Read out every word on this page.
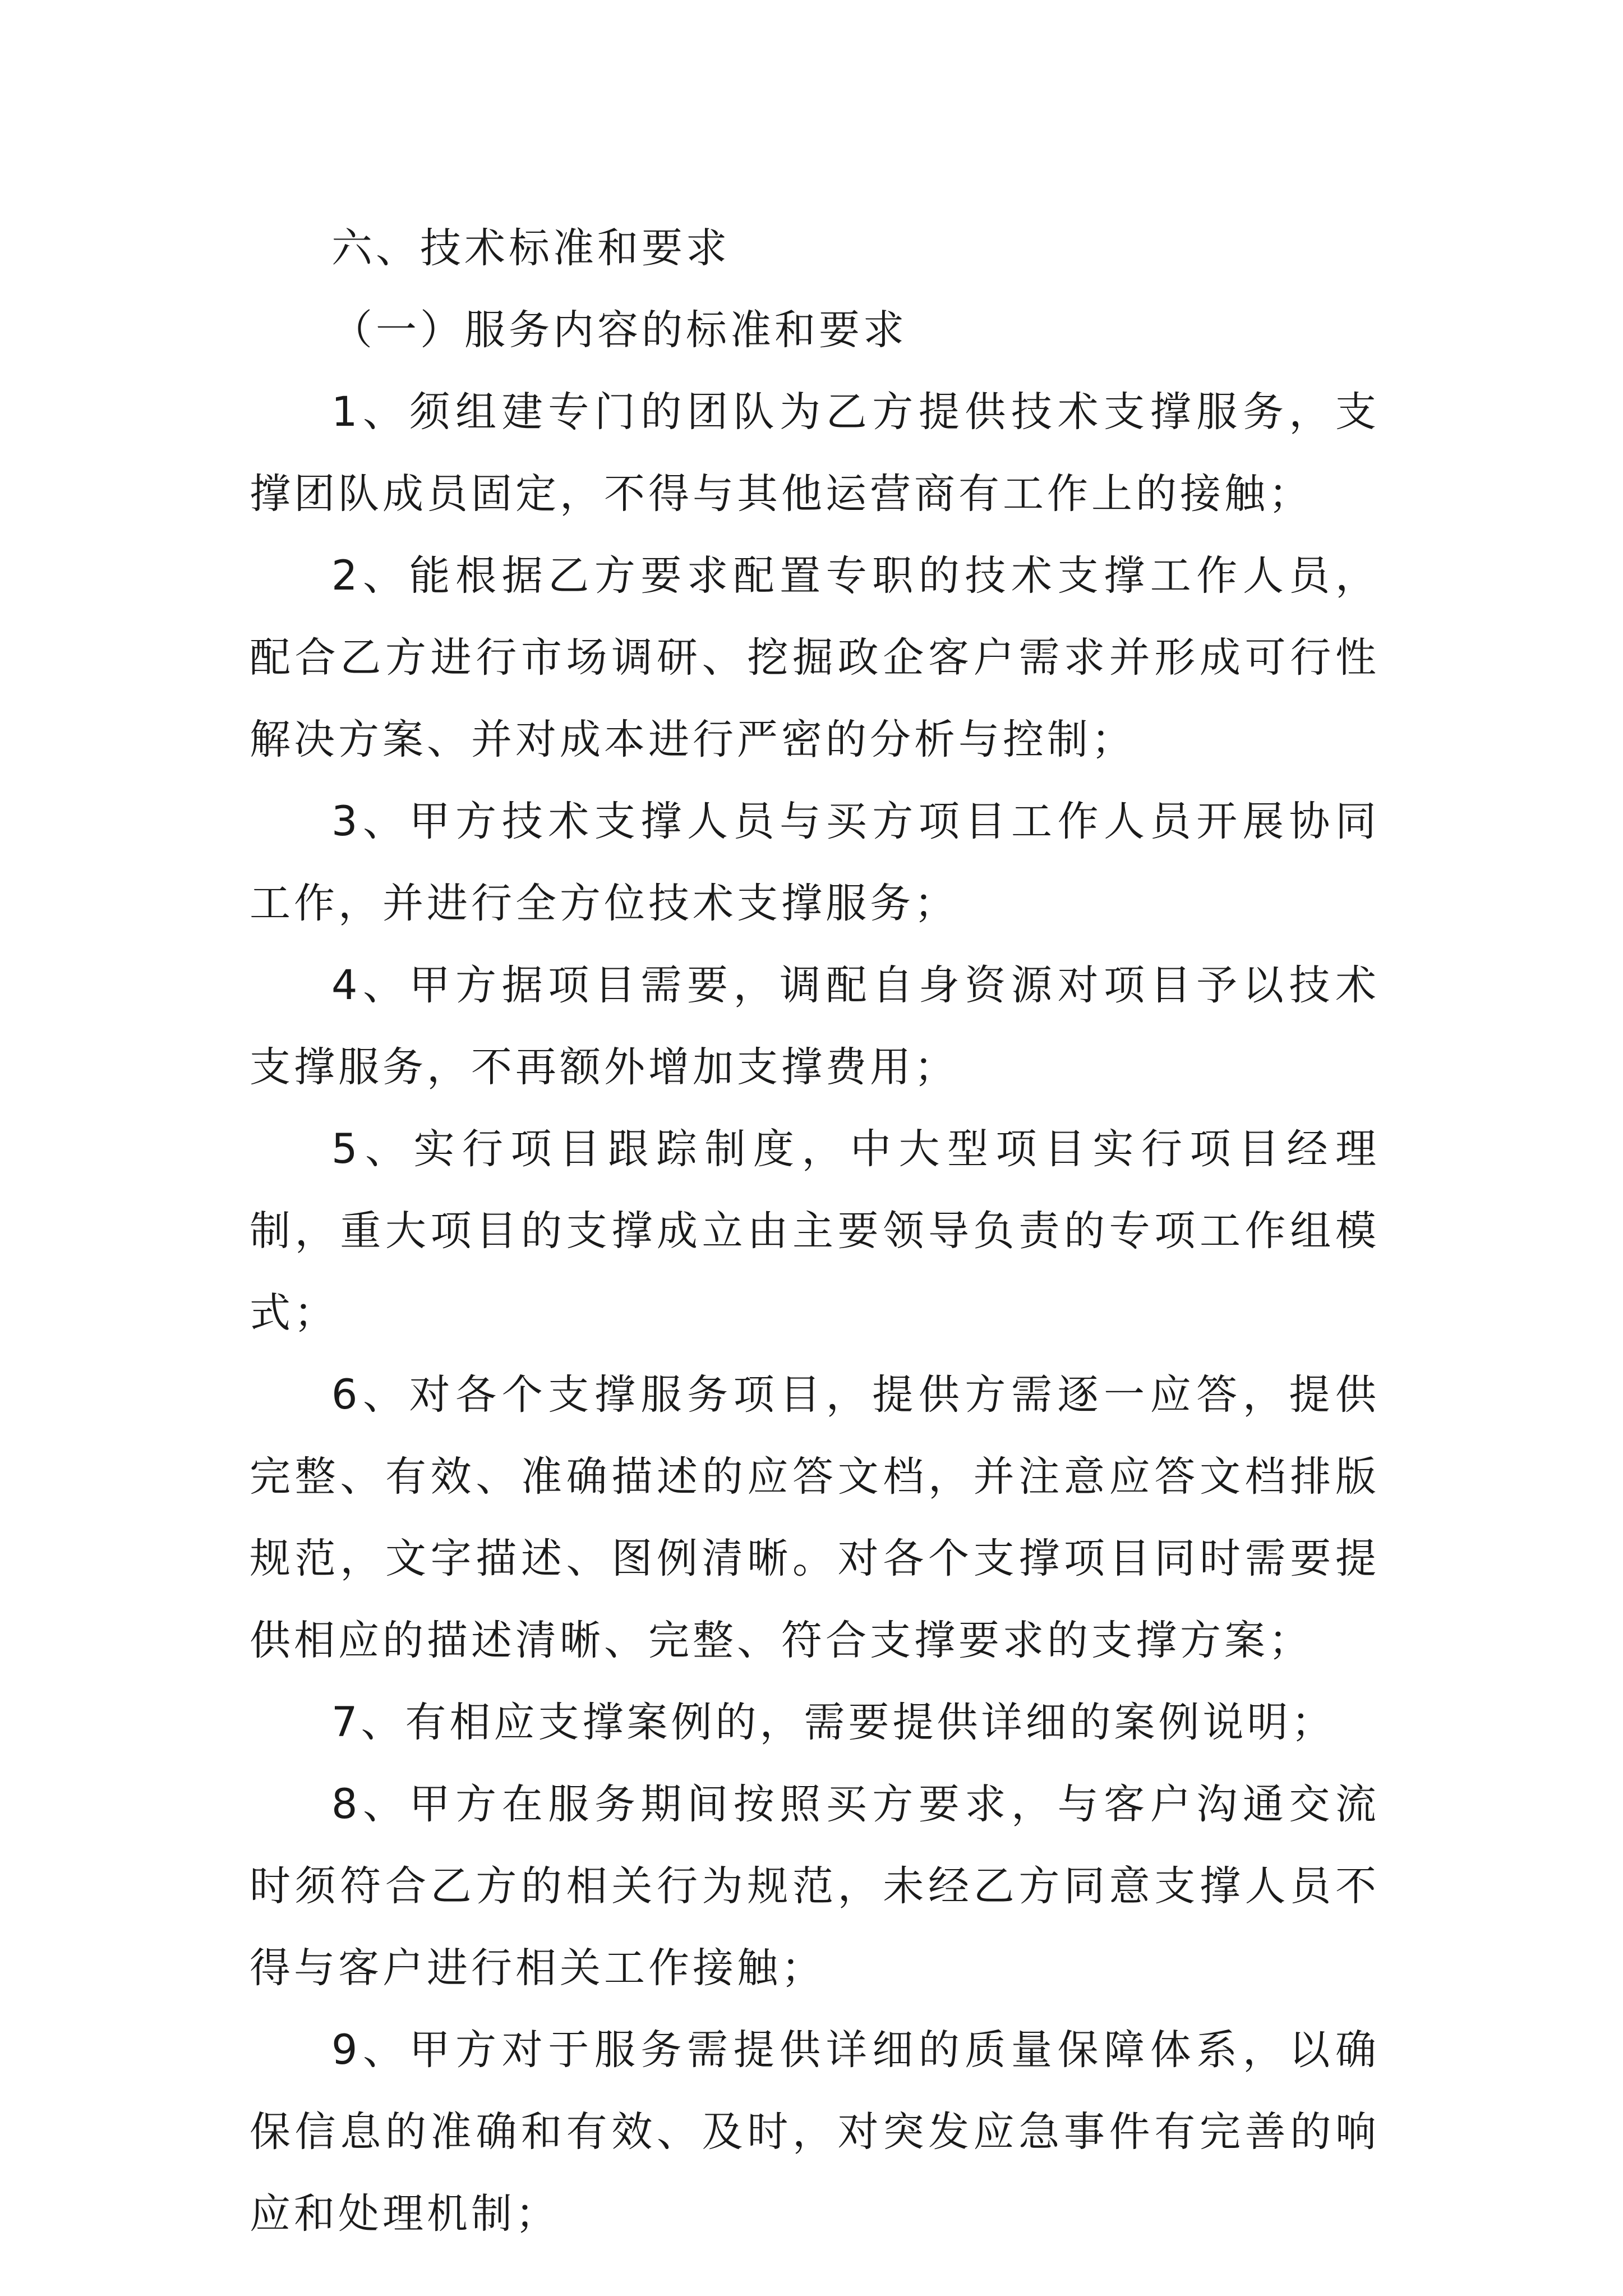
六、技术标准和要求

（一）服务内容的标准和要求

1、须组建专门的团队为乙方提供技术支撑服务，支撑团队成员固定，不得与其他运营商有工作上的接触；

2、能根据乙方要求配置专职的技术支撑工作人员，配合乙方进行市场调研、挖掘政企客户需求并形成可行性解决方案、并对成本进行严密的分析与控制；

3、甲方技术支撑人员与买方项目工作人员开展协同工作，并进行全方位技术支撑服务；

4、甲方据项目需要，调配自身资源对项目予以技术支撑服务，不再额外增加支撑费用；

5、实行项目跟踪制度，中大型项目实行项目经理制，重大项目的支撑成立由主要领导负责的专项工作组模式；

6、对各个支撑服务项目，提供方需逐一应答，提供完整、有效、准确描述的应答文档，并注意应答文档排版规范，文字描述、图例清晰。对各个支撑项目同时需要提供相应的描述清晰、完整、符合支撑要求的支撑方案；

7、有相应支撑案例的，需要提供详细的案例说明；

8、甲方在服务期间按照买方要求，与客户沟通交流时须符合乙方的相关行为规范，未经乙方同意支撑人员不得与客户进行相关工作接触；

9、甲方对于服务需提供详细的质量保障体系，以确保信息的准确和有效、及时，对突发应急事件有完善的响应和处理机制；
